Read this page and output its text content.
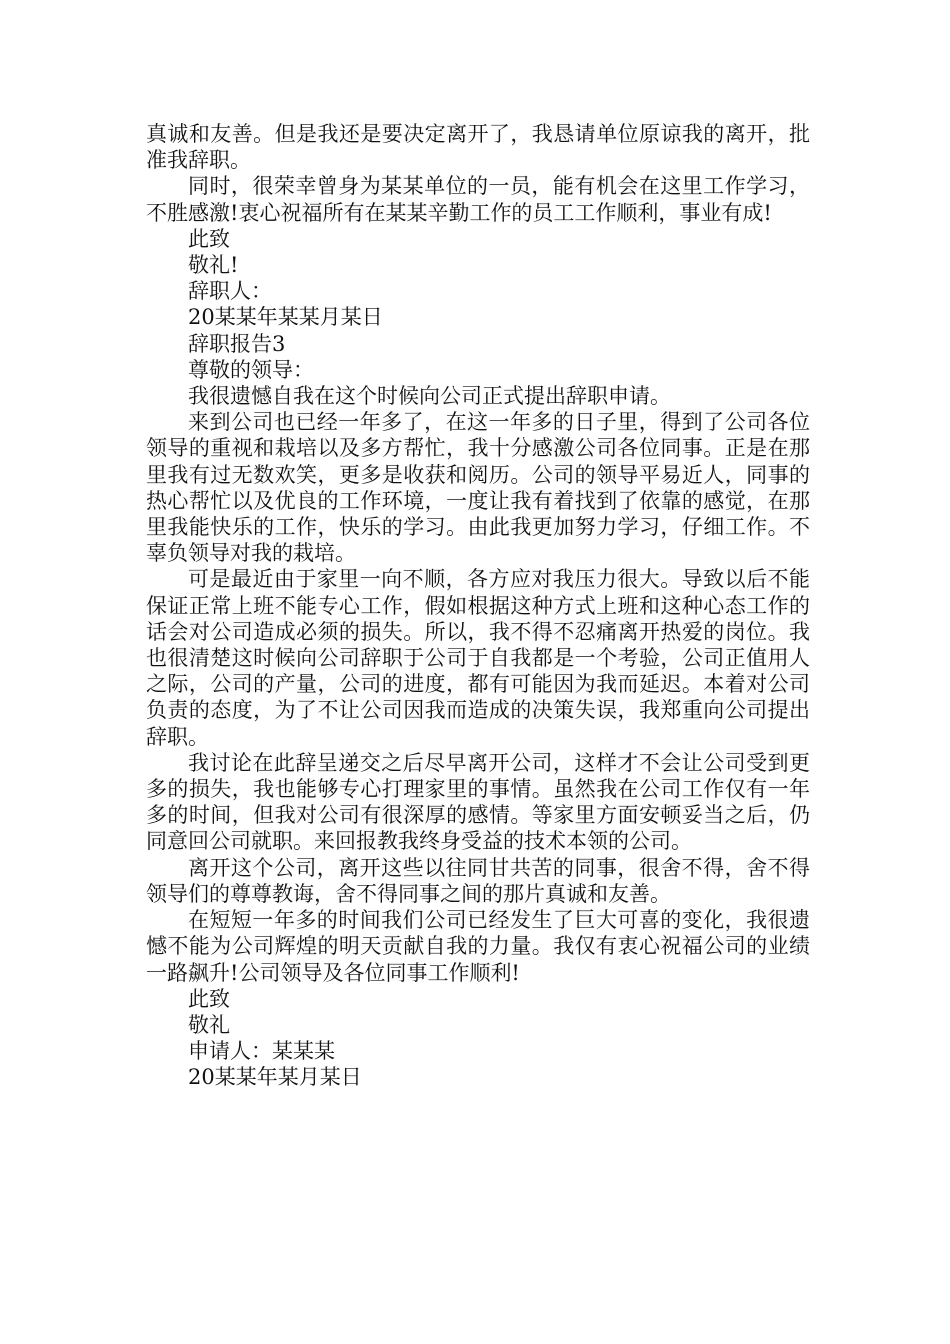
真诚和友善。但是我还是要决定离开了，我恳请单位原谅我的离开，批准我辞职。

同时，很荣幸曾身为某某单位的一员，能有机会在这里工作学习，不胜感激!衷心祝福所有在某某辛勤工作的员工工作顺利，事业有成!

此致

敬礼!

辞职人：

20某某年某某月某日

辞职报告3

尊敬的领导：

我很遗憾自我在这个时候向公司正式提出辞职申请。

来到公司也已经一年多了，在这一年多的日子里，得到了公司各位领导的重视和栽培以及多方帮忙，我十分感激公司各位同事。正是在那里我有过无数欢笑，更多是收获和阅历。公司的领导平易近人，同事的热心帮忙以及优良的工作环境，一度让我有着找到了依靠的感觉，在那里我能快乐的工作，快乐的学习。由此我更加努力学习，仔细工作。不辜负领导对我的栽培。

可是最近由于家里一向不顺，各方应对我压力很大。导致以后不能保证正常上班不能专心工作，假如根据这种方式上班和这种心态工作的话会对公司造成必须的损失。所以，我不得不忍痛离开热爱的岗位。我也很清楚这时候向公司辞职于公司于自我都是一个考验，公司正值用人之际，公司的产量，公司的进度，都有可能因为我而延迟。本着对公司负责的态度，为了不让公司因我而造成的决策失误，我郑重向公司提出辞职。

我讨论在此辞呈递交之后尽早离开公司，这样才不会让公司受到更多的损失，我也能够专心打理家里的事情。虽然我在公司工作仅有一年多的时间，但我对公司有很深厚的感情。等家里方面安顿妥当之后，仍同意回公司就职。来回报教我终身受益的技术本领的公司。

离开这个公司，离开这些以往同甘共苦的同事，很舍不得，舍不得领导们的尊尊教诲，舍不得同事之间的那片真诚和友善。

在短短一年多的时间我们公司已经发生了巨大可喜的变化，我很遗憾不能为公司辉煌的明天贡献自我的力量。我仅有衷心祝福公司的业绩一路飙升!公司领导及各位同事工作顺利!

此致

敬礼

申请人：某某某

20某某年某月某日
